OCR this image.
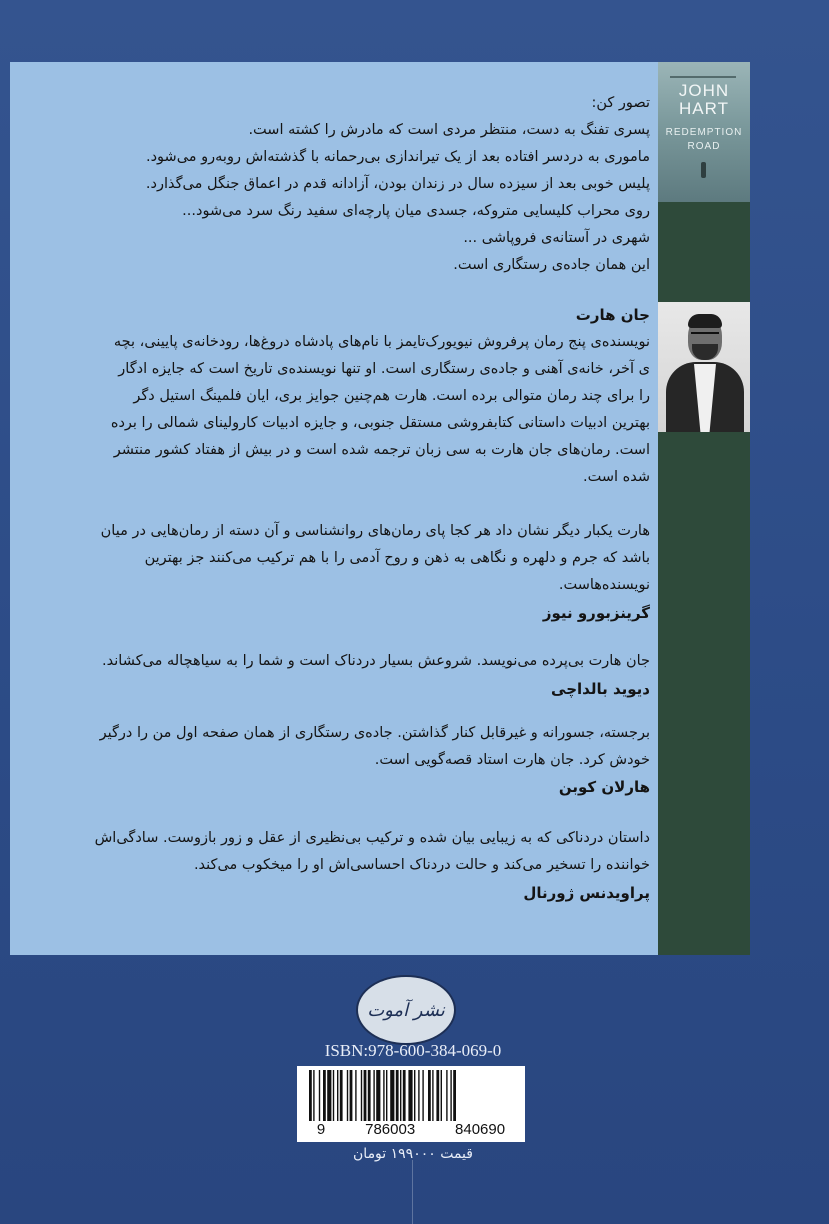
JOHN HART
REDEMPTION ROAD

تصور کن:

پسری تفنگ به دست، منتظر مردی است که مادرش را کشته است.

ماموری به دردسر افتاده بعد از یک تیراندازی بی‌رحمانه با گذشته‌اش روبه‌رو می‌شود.

پلیس خوبی بعد از سیزده سال در زندان بودن، آزادانه قدم در اعماق جنگل می‌گذارد.

روی محراب کلیسایی متروکه، جسدی میان پارچه‌ای سفید رنگ سرد می‌شود...

شهری در آستانه‌ی فروپاشی ...

این همان جاده‌ی رستگاری است.

جان هارت

نویسنده‌ی پنج رمان پرفروش نیویورک‌تایمز با نام‌های پادشاه دروغ‌ها، رودخانه‌ی پایینی، بچه

ی آخر، خانه‌ی آهنی و جاده‌ی رستگاری است. او تنها نویسنده‌ی تاریخ است که جایزه ادگار

را برای چند رمان متوالی برده است. هارت هم‌چنین جوایز بری، ایان فلمینگ استیل دگر

بهترین ادبیات داستانی کتابفروشی مستقل جنوبی، و جایزه ادبیات کارولینای شمالی را برده

است. رمان‌های جان هارت به سی زبان ترجمه شده است و در بیش از هفتاد کشور منتشر

شده است.

هارت یکبار دیگر نشان داد هر کجا پای رمان‌های روانشناسی و آن دسته از رمان‌هایی در میان

باشد که جرم و دلهره و نگاهی به ذهن و روح آدمی را با هم ترکیب می‌کنند جز بهترین

نویسنده‌هاست.

گرینزبورو نیوز

جان هارت بی‌پرده می‌نویسد. شروعش بسیار دردناک است و شما را به سیاهچاله می‌کشاند.

دیوید بالداچی

برجسته، جسورانه و غیرقابل کنار گذاشتن. جاده‌ی رستگاری از همان صفحه اول من را درگیر

خودش کرد. جان هارت استاد قصه‌گویی است.

هارلان کوبن

داستان دردناکی که به زیبایی بیان شده و ترکیب بی‌نظیری از عقل و زور بازوست. سادگی‌اش

خواننده را تسخیر می‌کند و حالت دردناک احساسی‌اش او را میخکوب می‌کند.

پراویدنس ژورنال
نشر آموت
ISBN:978-600-384-069-0
9	786003	840690
قیمت ۱۹۹۰۰۰ تومان
